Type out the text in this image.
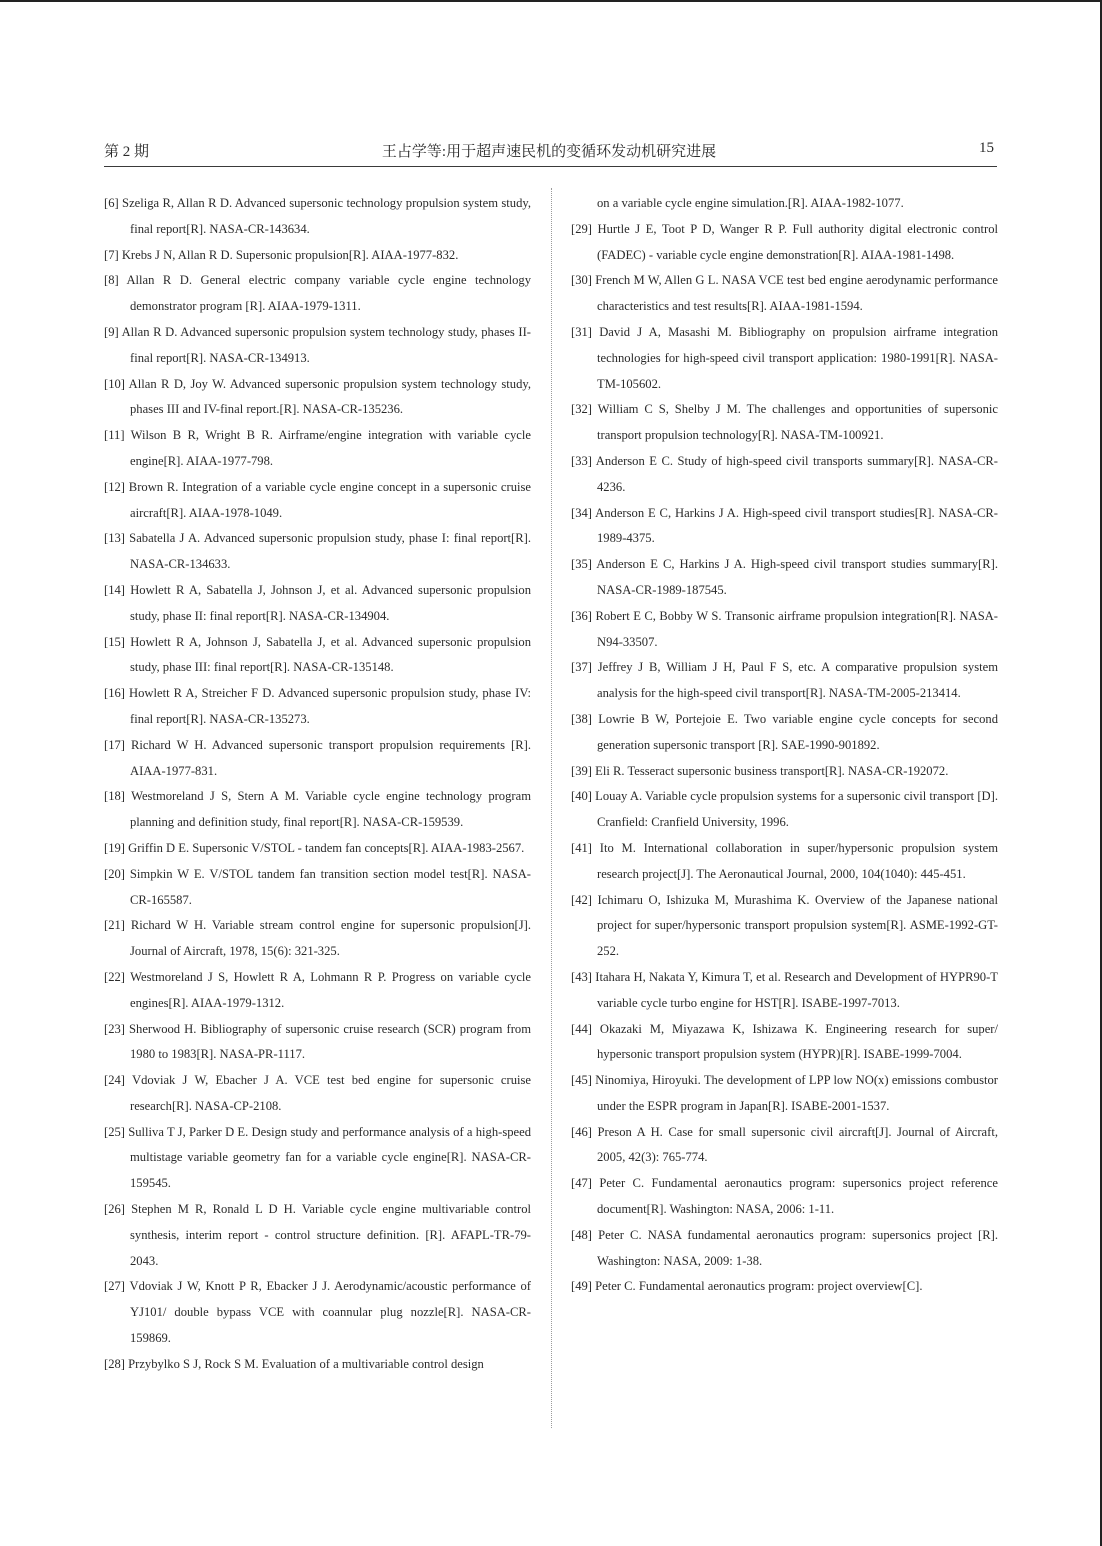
第 2 期	王占学等:用于超声速民机的变循环发动机研究进展	15

[6] Szeliga R, Allan R D. Advanced supersonic technology propulsion system study, final report[R]. NASA-CR-143634.

[7] Krebs J N, Allan R D. Supersonic propulsion[R]. AIAA-1977-832.

[8] Allan R D. General electric company variable cycle engine technology demonstrator program [R]. AIAA-1979-1311.

[9] Allan R D. Advanced supersonic propulsion system technology study, phases II- final report[R]. NASA-CR-134913.

[10] Allan R D, Joy W. Advanced supersonic propulsion system technology study, phases III and IV-final report.[R]. NASA-CR-135236.

[11] Wilson B R, Wright B R. Airframe/engine integration with variable cycle engine[R]. AIAA-1977-798.

[12] Brown R. Integration of a variable cycle engine concept in a supersonic cruise aircraft[R]. AIAA-1978-1049.

[13] Sabatella J A. Advanced supersonic propulsion study, phase I: final report[R]. NASA-CR-134633.

[14] Howlett R A, Sabatella J, Johnson J, et al. Advanced supersonic propulsion study, phase II: final report[R]. NASA-CR-134904.

[15] Howlett R A, Johnson J, Sabatella J, et al. Advanced supersonic propulsion study, phase III: final report[R]. NASA-CR-135148.

[16] Howlett R A, Streicher F D. Advanced supersonic propulsion study, phase IV: final report[R]. NASA-CR-135273.

[17] Richard W H. Advanced supersonic transport propulsion requirements [R]. AIAA-1977-831.

[18] Westmoreland J S, Stern A M. Variable cycle engine technology program planning and definition study, final report[R]. NASA-CR-159539.

[19] Griffin D E. Supersonic V/STOL - tandem fan concepts[R]. AIAA-1983-2567.

[20] Simpkin W E. V/STOL tandem fan transition section model test[R]. NASA-CR-165587.

[21] Richard W H. Variable stream control engine for supersonic propulsion[J]. Journal of Aircraft, 1978, 15(6): 321-325.

[22] Westmoreland J S, Howlett R A, Lohmann R P. Progress on variable cycle engines[R]. AIAA-1979-1312.

[23] Sherwood H. Bibliography of supersonic cruise research (SCR) program from 1980 to 1983[R]. NASA-PR-1117.

[24] Vdoviak J W, Ebacher J A. VCE test bed engine for supersonic cruise research[R]. NASA-CP-2108.

[25] Sulliva T J, Parker D E. Design study and performance analysis of a high-speed multistage variable geometry fan for a variable cycle engine[R]. NASA-CR-159545.

[26] Stephen M R, Ronald L D H. Variable cycle engine multivariable control synthesis, interim report - control structure definition. [R]. AFAPL-TR-79-2043.

[27] Vdoviak J W, Knott P R, Ebacker J J. Aerodynamic/acoustic performance of YJ101/ double bypass VCE with coannular plug nozzle[R]. NASA-CR-159869.

[28] Przybylko S J, Rock S M. Evaluation of a multivariable control design

on a variable cycle engine simulation.[R]. AIAA-1982-1077.

[29] Hurtle J E, Toot P D, Wanger R P. Full authority digital electronic control (FADEC) - variable cycle engine demonstration[R]. AIAA-1981-1498.

[30] French M W, Allen G L. NASA VCE test bed engine aerodynamic performance characteristics and test results[R]. AIAA-1981-1594.

[31] David J A, Masashi M. Bibliography on propulsion airframe integration technologies for high-speed civil transport application: 1980-1991[R]. NASA-TM-105602.

[32] William C S, Shelby J M. The challenges and opportunities of supersonic transport propulsion technology[R]. NASA-TM-100921.

[33] Anderson E C. Study of high-speed civil transports summary[R]. NASA-CR-4236.

[34] Anderson E C, Harkins J A. High-speed civil transport studies[R]. NASA-CR-1989-4375.

[35] Anderson E C, Harkins J A. High-speed civil transport studies summary[R]. NASA-CR-1989-187545.

[36] Robert E C, Bobby W S. Transonic airframe propulsion integration[R]. NASA-N94-33507.

[37] Jeffrey J B, William J H, Paul F S, etc. A comparative propulsion system analysis for the high-speed civil transport[R]. NASA-TM-2005-213414.

[38] Lowrie B W, Portejoie E. Two variable engine cycle concepts for second generation supersonic transport [R]. SAE-1990-901892.

[39] Eli R. Tesseract supersonic business transport[R]. NASA-CR-192072.

[40] Louay A. Variable cycle propulsion systems for a supersonic civil transport [D]. Cranfield: Cranfield University, 1996.

[41] Ito M. International collaboration in super/hypersonic propulsion system research project[J]. The Aeronautical Journal, 2000, 104(1040): 445-451.

[42] Ichimaru O, Ishizuka M, Murashima K. Overview of the Japanese national project for super/hypersonic transport propulsion system[R]. ASME-1992-GT-252.

[43] Itahara H, Nakata Y, Kimura T, et al. Research and Development of HYPR90-T variable cycle turbo engine for HST[R]. ISABE-1997-7013.

[44] Okazaki M, Miyazawa K, Ishizawa K. Engineering research for super/ hypersonic transport propulsion system (HYPR)[R]. ISABE-1999-7004.

[45] Ninomiya, Hiroyuki. The development of LPP low NO(x) emissions combustor under the ESPR program in Japan[R]. ISABE-2001-1537.

[46] Preson A H. Case for small supersonic civil aircraft[J]. Journal of Aircraft, 2005, 42(3): 765-774.

[47] Peter C. Fundamental aeronautics program: supersonics project reference document[R]. Washington: NASA, 2006: 1-11.

[48] Peter C. NASA fundamental aeronautics program: supersonics project [R]. Washington: NASA, 2009: 1-38.

[49] Peter C. Fundamental aeronautics program: project overview[C].
